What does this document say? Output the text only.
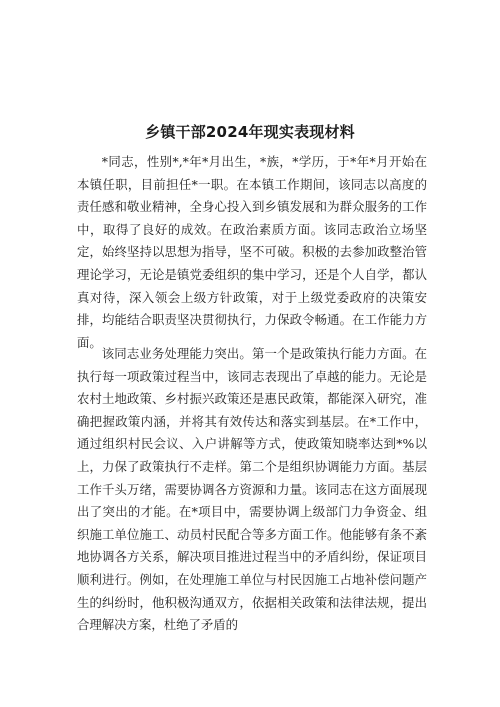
乡镇干部2024年现实表现材料

*同志，性别*,*年*月出生，*族，*学历，于*年*月开始在本镇任职，目前担任*一职。在本镇工作期间，该同志以高度的责任感和敬业精神，全身心投入到乡镇发展和为群众服务的工作中，取得了良好的成效。在政治素质方面。该同志政治立场坚定，始终坚持以思想为指导，坚不可破。积极的去参加政整治管理论学习，无论是镇党委组织的集中学习，还是个人自学，都认真对待，深入领会上级方针政策，对于上级党委政府的决策安排，均能结合职责坚决贯彻执行，力保政令畅通。在工作能力方面。

该同志业务处理能力突出。第一个是政策执行能力方面。在执行每一项政策过程当中，该同志表现出了卓越的能力。无论是农村土地政策、乡村振兴政策还是惠民政策，都能深入研究，准确把握政策内涵，并将其有效传达和落实到基层。在*工作中，通过组织村民会议、入户讲解等方式，使政策知晓率达到*%以上，力保了政策执行不走样。第二个是组织协调能力方面。基层工作千头万绪，需要协调各方资源和力量。该同志在这方面展现出了突出的才能。在*项目中，需要协调上级部门力争资金、组织施工单位施工、动员村民配合等多方面工作。他能够有条不紊地协调各方关系，解决项目推进过程当中的矛盾纠纷，保证项目顺利进行。例如，在处理施工单位与村民因施工占地补偿问题产生的纠纷时，他积极沟通双方，依据相关政策和法律法规，提出合理解决方案，杜绝了矛盾的
